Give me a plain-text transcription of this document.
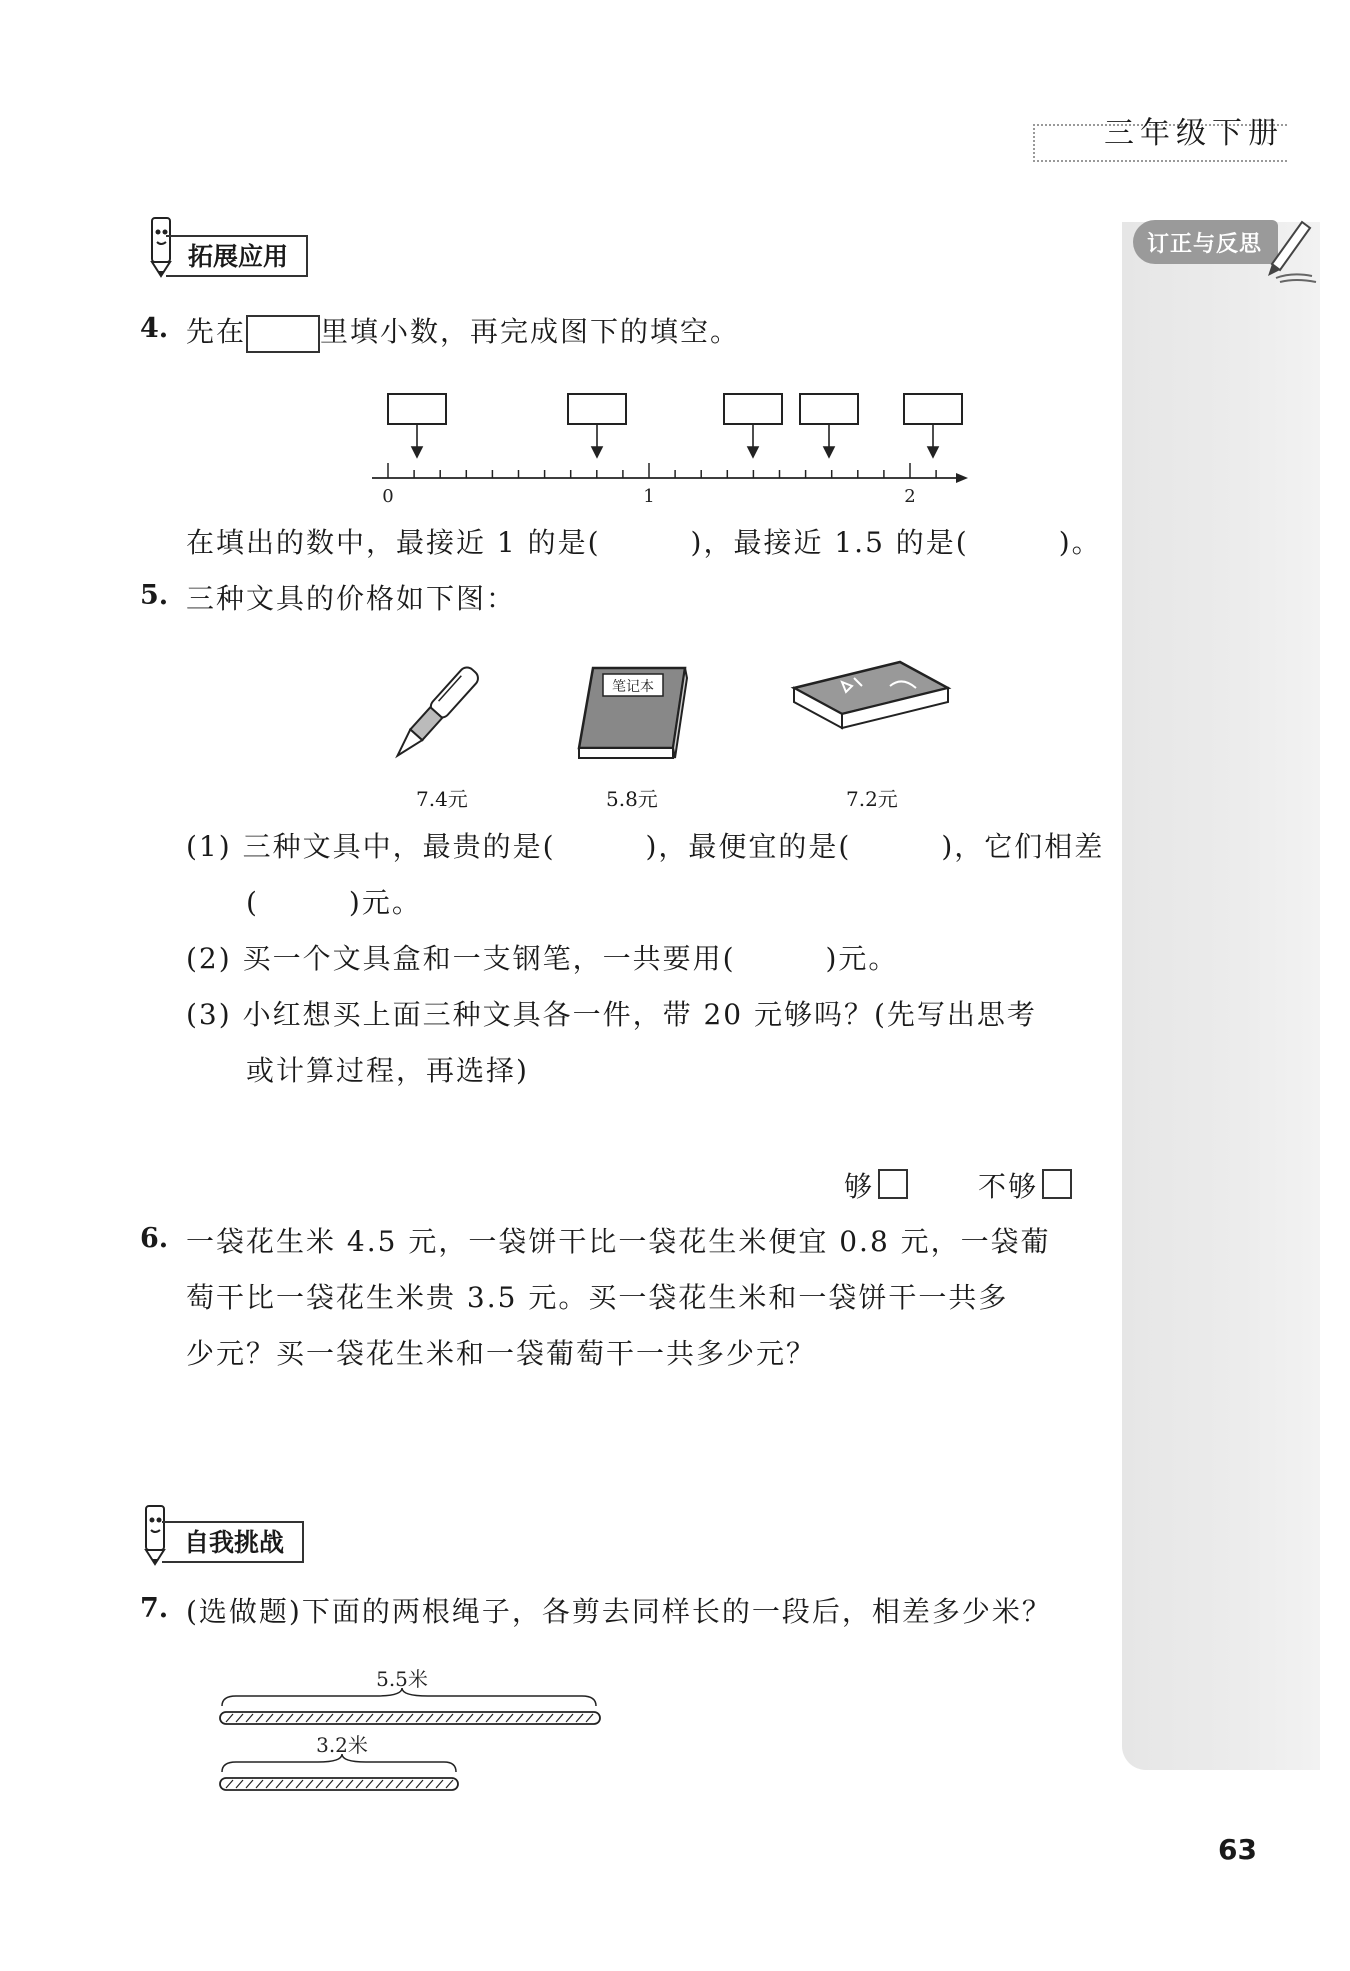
三年级下册
订正与反思
拓展应用
4. 先在	里填小数，再完成图下的填空。
0	1	2
在填出的数中，最接近 1 的是(　　　)，最接近 1.5 的是(　　　)。
5. 三种文具的价格如下图：
笔记本
7.4元	5.8元	7.2元
(1) 三种文具中，最贵的是(　　　)，最便宜的是(　　　)，它们相差
(　　　)元。
(2) 买一个文具盒和一支钢笔，一共要用(　　　)元。
(3) 小红想买上面三种文具各一件，带 20 元够吗？(先写出思考
或计算过程，再选择)
够	不够
6. 一袋花生米 4.5 元，一袋饼干比一袋花生米便宜 0.8 元，一袋葡
萄干比一袋花生米贵 3.5 元。买一袋花生米和一袋饼干一共多
少元？买一袋花生米和一袋葡萄干一共多少元？
自我挑战
7. (选做题)下面的两根绳子，各剪去同样长的一段后，相差多少米？
5.5米
3.2米
63
